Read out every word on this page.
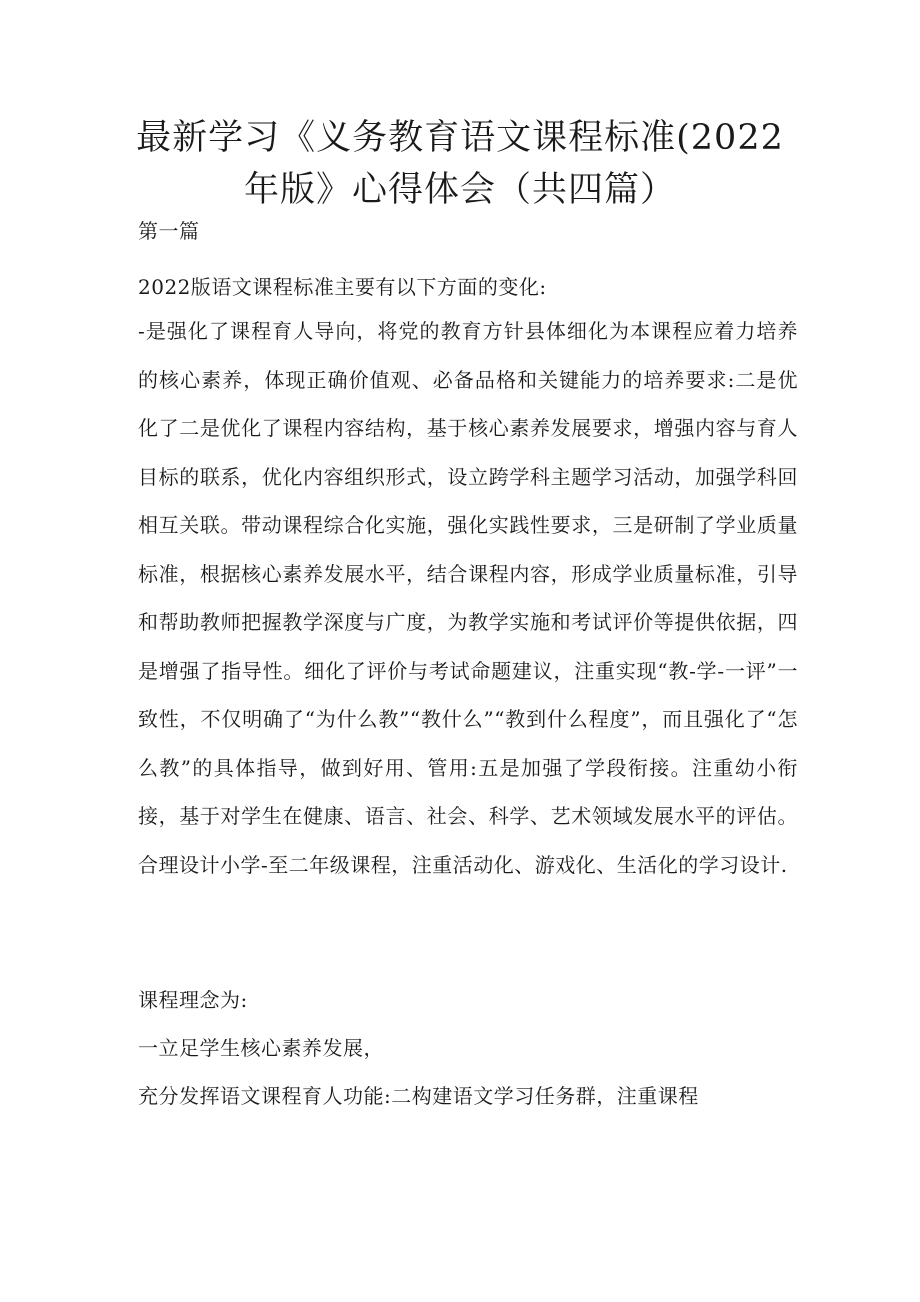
最新学习《义务教育语文课程标准(2022年版》心得体会（共四篇）

第一篇

2022版语文课程标准主要有以下方面的变化:

-是强化了课程育人导向，将党的教育方针县体细化为本课程应着力培养的核心素养，体现正确价值观、必备品格和关键能力的培养要求:二是优化了二是优化了课程内容结构，基于核心素养发展要求，增强内容与育人目标的联系，优化内容组织形式，设立跨学科主题学习活动，加强学科回相互关联。带动课程综合化实施，强化实践性要求，三是研制了学业质量标准，根据核心素养发展水平，结合课程内容，形成学业质量标准，引导和帮助教师把握教学深度与广度，为教学实施和考试评价等提供依据，四是增强了指导性。细化了评价与考试命题建议，注重实现“教-学-一评”一致性，不仅明确了“为什么教”“教什么”“教到什么程度”，而且强化了“怎么教”的具体指导，做到好用、管用:五是加强了学段衔接。注重幼小衔接，基于对学生在健康、语言、社会、科学、艺术领域发展水平的评估。合理设计小学-至二年级课程，注重活动化、游戏化、生活化的学习设计.

课程理念为:

一立足学生核心素养发展，

充分发挥语文课程育人功能:二构建语文学习任务群，注重课程
